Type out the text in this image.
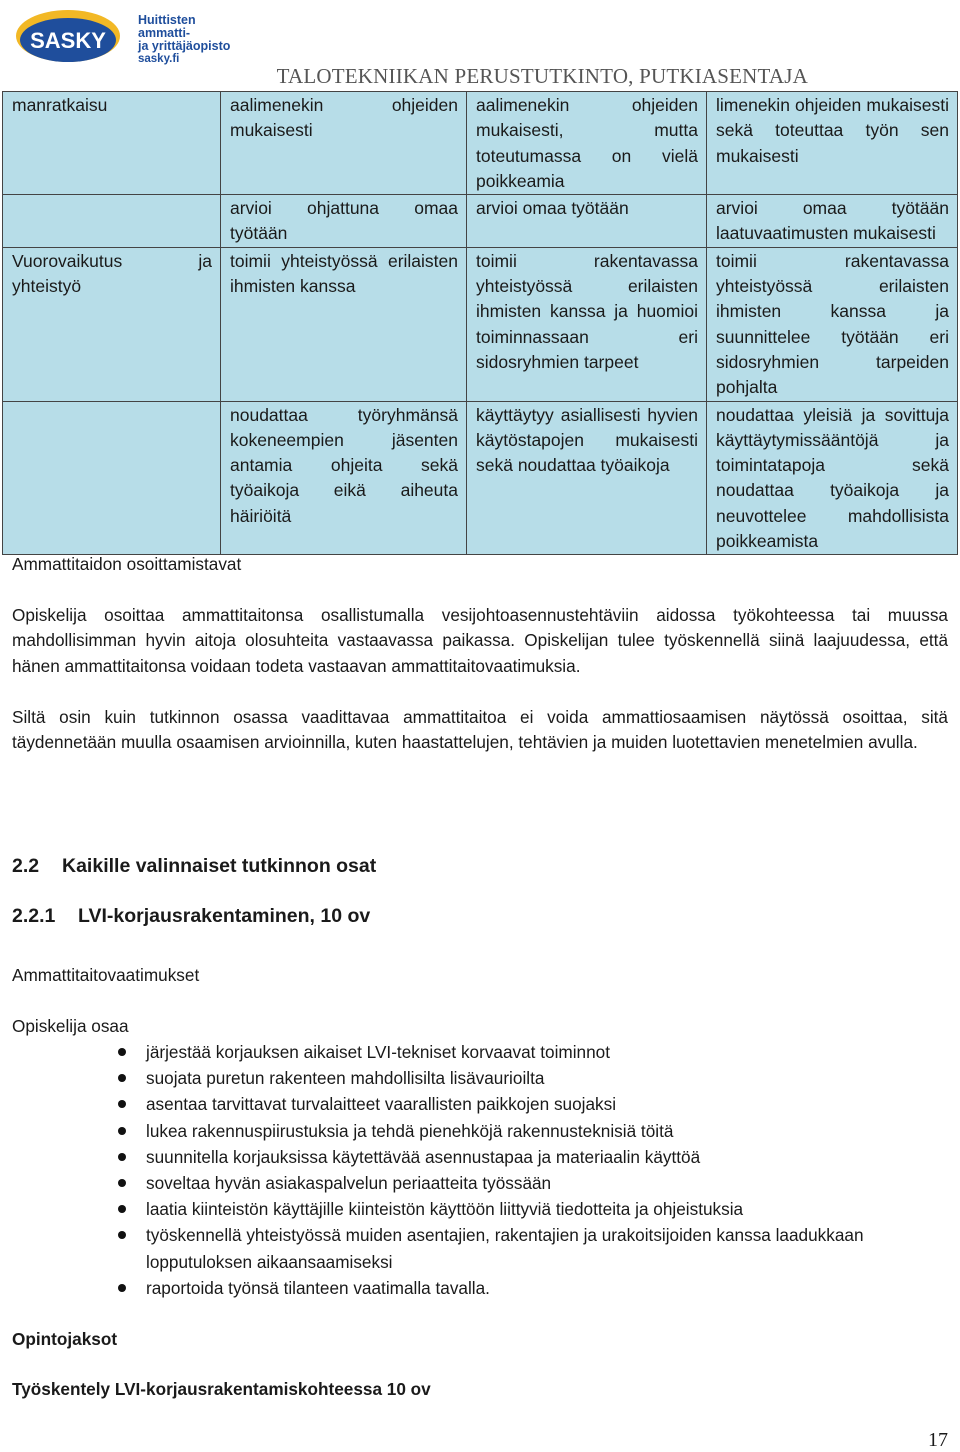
SASKY
Huittisten ammatti-
ja yrittäjäopisto
sasky.fi
TALOTEKNIIKAN PERUSTUTKINTO, PUTKIASENTAJA
manratkaisu	aalimenekin ohjeiden mukaisesti	aalimenekin ohjeiden mukaisesti, mutta toteutumassa on vielä poikkeamia	limenekin ohjeiden mukaisesti sekä toteuttaa työn sen mukaisesti
	arvioi ohjattuna omaa työtään	arvioi omaa työtään	arvioi omaa työtään laatuvaatimusten mukaisesti
Vuorovaikutus ja yhteistyö	toimii yhteistyössä erilaisten ihmisten kanssa	toimii rakentavassa yhteistyössä erilaisten ihmisten kanssa ja huomioi toiminnassaan eri sidosryhmien tarpeet	toimii rakentavassa yhteistyössä erilaisten ihmisten kanssa ja suunnittelee työtään eri sidosryhmien tarpeiden pohjalta
	noudattaa työryhmänsä kokeneempien jäsenten antamia ohjeita sekä työaikoja eikä aiheuta häiriöitä	käyttäytyy asiallisesti hyvien käytöstapojen mukaisesti sekä noudattaa työaikoja	noudattaa yleisiä ja sovittuja käyttäytymissääntöjä ja toimintatapoja sekä noudattaa työaikoja ja neuvottelee mahdollisista poikkeamista
Ammattitaidon osoittamistavat
Opiskelija osoittaa ammattitaitonsa osallistumalla vesijohtoasennustehtäviin aidossa työkohteessa tai muussa mahdollisimman hyvin aitoja olosuhteita vastaavassa paikassa. Opiskelijan tulee työskennellä siinä laajuudessa, että hänen ammattitaitonsa voidaan todeta vastaavan ammattitaitovaatimuksia.
Siltä osin kuin tutkinnon osassa vaadittavaa ammattitaitoa ei voida ammattiosaamisen näytössä osoittaa, sitä täydennetään muulla osaamisen arvioinnilla, kuten haastattelujen, tehtävien ja muiden luotettavien menetelmien avulla.
2.2 Kaikille valinnaiset tutkinnon osat
2.2.1 LVI-korjausrakentaminen, 10 ov
Ammattitaitovaatimukset
Opiskelija osaa
järjestää korjauksen aikaiset LVI-tekniset korvaavat toiminnot
suojata puretun rakenteen mahdollisilta lisävaurioilta
asentaa tarvittavat turvalaitteet vaarallisten paikkojen suojaksi
lukea rakennuspiirustuksia ja tehdä pienehköjä rakennusteknisiä töitä
suunnitella korjauksissa käytettävää asennustapaa ja materiaalin käyttöä
soveltaa hyvän asiakaspalvelun periaatteita työssään
laatia kiinteistön käyttäjille kiinteistön käyttöön liittyviä tiedotteita ja ohjeistuksia
työskennellä yhteistyössä muiden asentajien, rakentajien ja urakoitsijoiden kanssa laadukkaan lopputuloksen aikaansaamiseksi
raportoida työnsä tilanteen vaatimalla tavalla.
Opintojaksot
Työskentely LVI-korjausrakentamiskohteessa 10 ov
17
